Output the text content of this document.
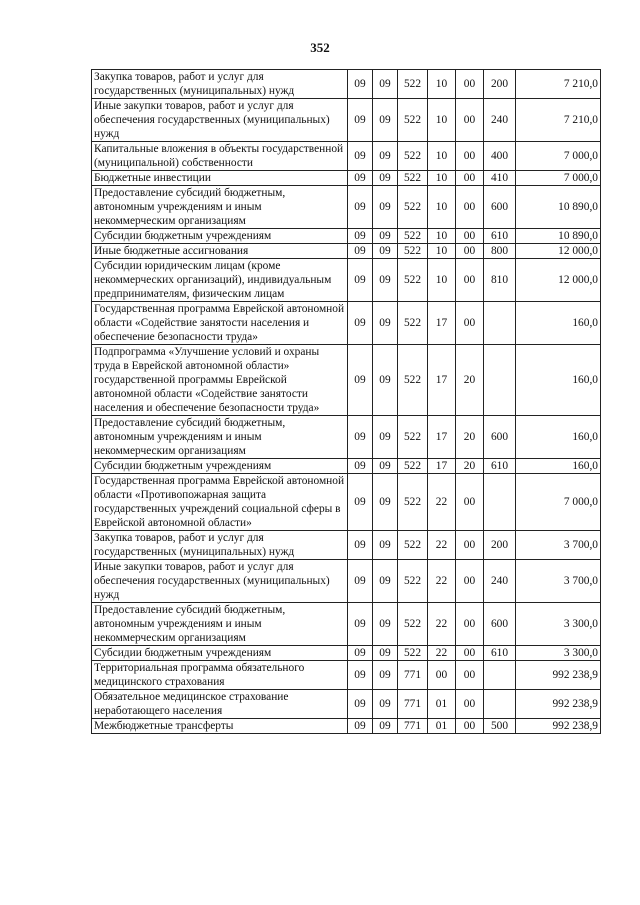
352
Закупка товаров, работ и услуг для государственных (муниципальных) нужд	09	09	522	10	00	200	7 210,0
Иные закупки товаров, работ и услуг для обеспечения государственных (муниципальных) нужд	09	09	522	10	00	240	7 210,0
Капитальные вложения в объекты государственной (муниципальной) собственности	09	09	522	10	00	400	7 000,0
Бюджетные инвестиции	09	09	522	10	00	410	7 000,0
Предоставление субсидий бюджетным, автономным учреждениям и иным некоммерческим организациям	09	09	522	10	00	600	10 890,0
Субсидии бюджетным учреждениям	09	09	522	10	00	610	10 890,0
Иные бюджетные ассигнования	09	09	522	10	00	800	12 000,0
Субсидии юридическим лицам (кроме некоммерческих организаций), индивидуальным предпринимателям, физическим лицам	09	09	522	10	00	810	12 000,0
Государственная программа Еврейской автономной области «Содействие занятости населения и обеспечение безопасности труда»	09	09	522	17	00		160,0
Подпрограмма «Улучшение условий и охраны труда в Еврейской автономной области» государственной программы Еврейской автономной области «Содействие занятости населения и обеспечение безопасности труда»	09	09	522	17	20		160,0
Предоставление субсидий бюджетным, автономным учреждениям и иным некоммерческим организациям	09	09	522	17	20	600	160,0
Субсидии бюджетным учреждениям	09	09	522	17	20	610	160,0
Государственная программа Еврейской автономной области «Противопожарная защита государственных учреждений социальной сферы в Еврейской автономной области»	09	09	522	22	00		7 000,0
Закупка товаров, работ и услуг для государственных (муниципальных) нужд	09	09	522	22	00	200	3 700,0
Иные закупки товаров, работ и услуг для обеспечения государственных (муниципальных) нужд	09	09	522	22	00	240	3 700,0
Предоставление субсидий бюджетным, автономным учреждениям и иным некоммерческим организациям	09	09	522	22	00	600	3 300,0
Субсидии бюджетным учреждениям	09	09	522	22	00	610	3 300,0
Территориальная программа обязательного медицинского страхования	09	09	771	00	00		992 238,9
Обязательное медицинское страхование неработающего населения	09	09	771	01	00		992 238,9
Межбюджетные трансферты	09	09	771	01	00	500	992 238,9
